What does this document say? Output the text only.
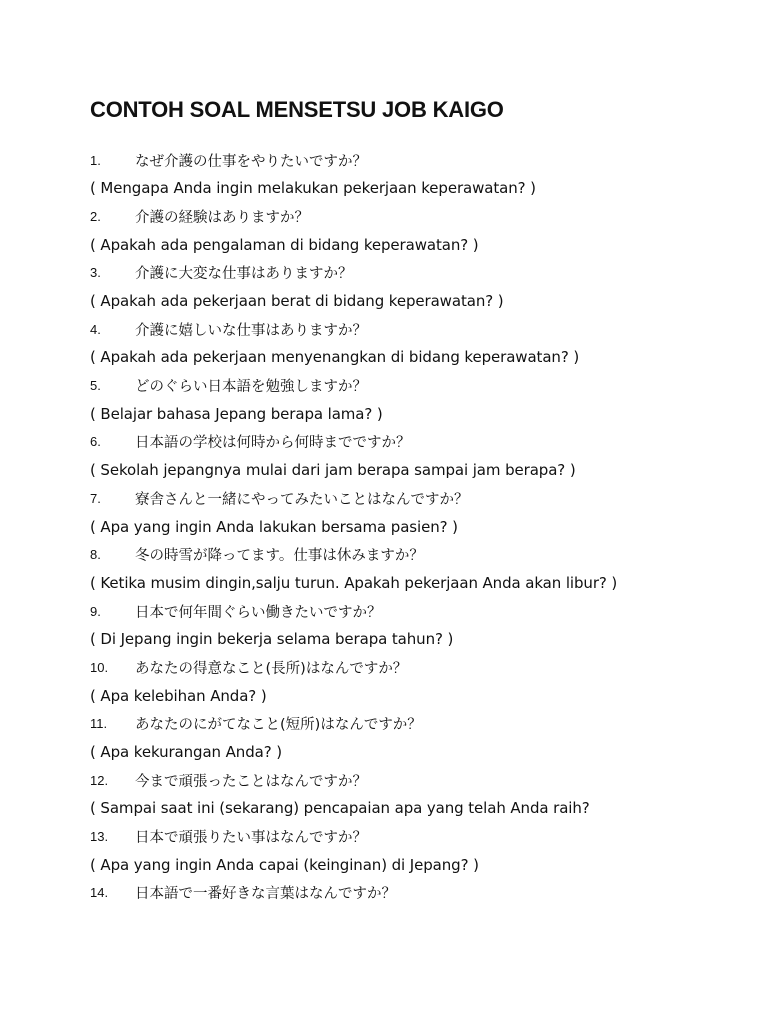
CONTOH SOAL MENSETSU JOB KAIGO
1.	なぜ介護の仕事をやりたいですか？
( Mengapa Anda ingin melakukan pekerjaan keperawatan? )
2.	介護の経験はありますか？
( Apakah ada pengalaman di bidang keperawatan? )
3.	介護に大変な仕事はありますか？
( Apakah ada pekerjaan berat di bidang keperawatan? )
4.	介護に嬉しいな仕事はありますか？
( Apakah ada pekerjaan menyenangkan di bidang keperawatan? )
5.	どのぐらい日本語を勉強しますか？
( Belajar bahasa Jepang berapa lama? )
6.	日本語の学校は何時から何時までですか？
( Sekolah jepangnya mulai dari jam berapa sampai jam berapa? )
7.	寮舎さんと一緒にやってみたいことはなんですか？
( Apa yang ingin Anda lakukan bersama pasien? )
8.	冬の時雪が降ってます。仕事は休みますか？
( Ketika musim dingin,salju turun. Apakah pekerjaan Anda akan libur? )
9.	日本で何年間ぐらい働きたいですか？
( Di Jepang ingin bekerja selama berapa tahun? )
10.	あなたの得意なこと(長所)はなんですか？
( Apa kelebihan Anda? )
11.	あなたのにがてなこと(短所)はなんですか？
( Apa kekurangan Anda? )
12.	今まで頑張ったことはなんですか？
( Sampai saat ini (sekarang) pencapaian apa yang telah Anda raih?
13.	日本で頑張りたい事はなんですか？
( Apa yang ingin Anda capai (keinginan) di Jepang? )
14.	日本語で一番好きな言葉はなんですか？
